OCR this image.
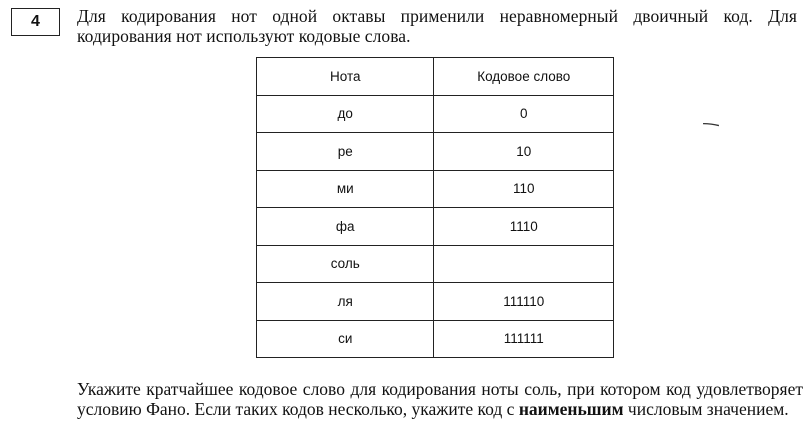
4 Для кодирования нот одной октавы применили неравномерный двоичный код. Для кодирования нот используют кодовые слова.
Нота	Кодовое слово
до	0
ре	10
ми	110
фа	1110
соль	
ля	111110
си	111111
Укажите кратчайшее кодовое слово для кодирования ноты соль, при котором код удовлетворяет условию Фано. Если таких кодов несколько, укажите код с наименьшим числовым значением.
